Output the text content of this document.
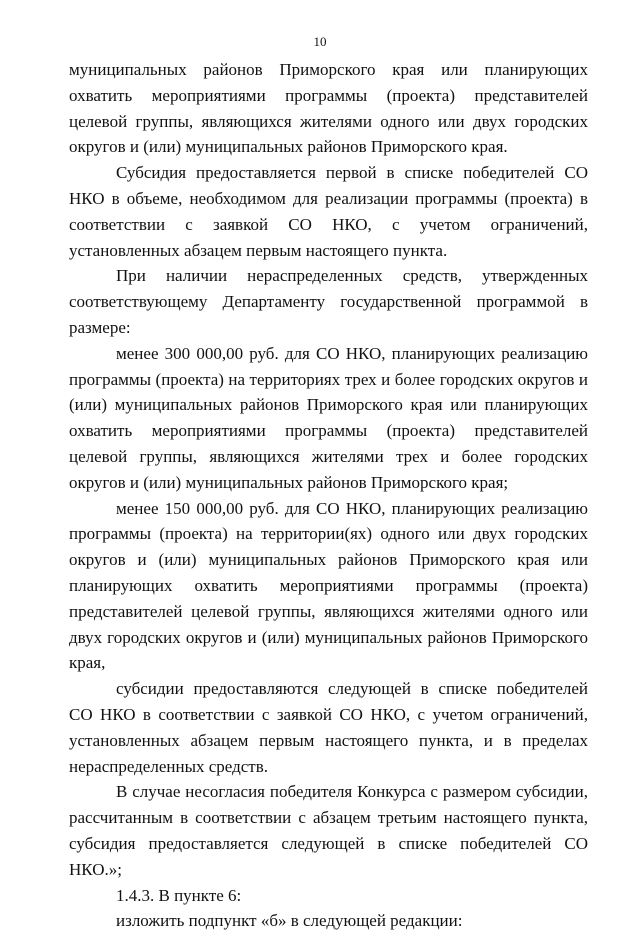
10

муниципальных районов Приморского края или планирующих охватить мероприятиями программы (проекта) представителей целевой группы, являющихся жителями одного или двух городских округов и (или) муниципальных районов Приморского края.

Субсидия предоставляется первой в списке победителей СО НКО в объеме, необходимом для реализации программы (проекта) в соответствии с заявкой СО НКО, с учетом ограничений, установленных абзацем первым настоящего пункта.

При наличии нераспределенных средств, утвержденных соответствующему Департаменту государственной программой в размере:

менее 300 000,00 руб. для СО НКО, планирующих реализацию программы (проекта) на территориях трех и более городских округов и (или) муниципальных районов Приморского края или планирующих охватить мероприятиями программы (проекта) представителей целевой группы, являющихся жителями трех и более городских округов и (или) муниципальных районов Приморского края;

менее 150 000,00 руб. для СО НКО, планирующих реализацию программы (проекта) на территории(ях) одного или двух городских округов и (или) муниципальных районов Приморского края или планирующих охватить мероприятиями программы (проекта) представителей целевой группы, являющихся жителями одного или двух городских округов и (или) муниципальных районов Приморского края,

субсидии предоставляются следующей в списке победителей СО НКО в соответствии с заявкой СО НКО, с учетом ограничений, установленных абзацем первым настоящего пункта, и в пределах нераспределенных средств.

В случае несогласия победителя Конкурса с размером субсидии, рассчитанным в соответствии с абзацем третьим настоящего пункта, субсидия предоставляется следующей в списке победителей СО НКО.»;

1.4.3. В пункте 6:

изложить подпункт «б» в следующей редакции:
